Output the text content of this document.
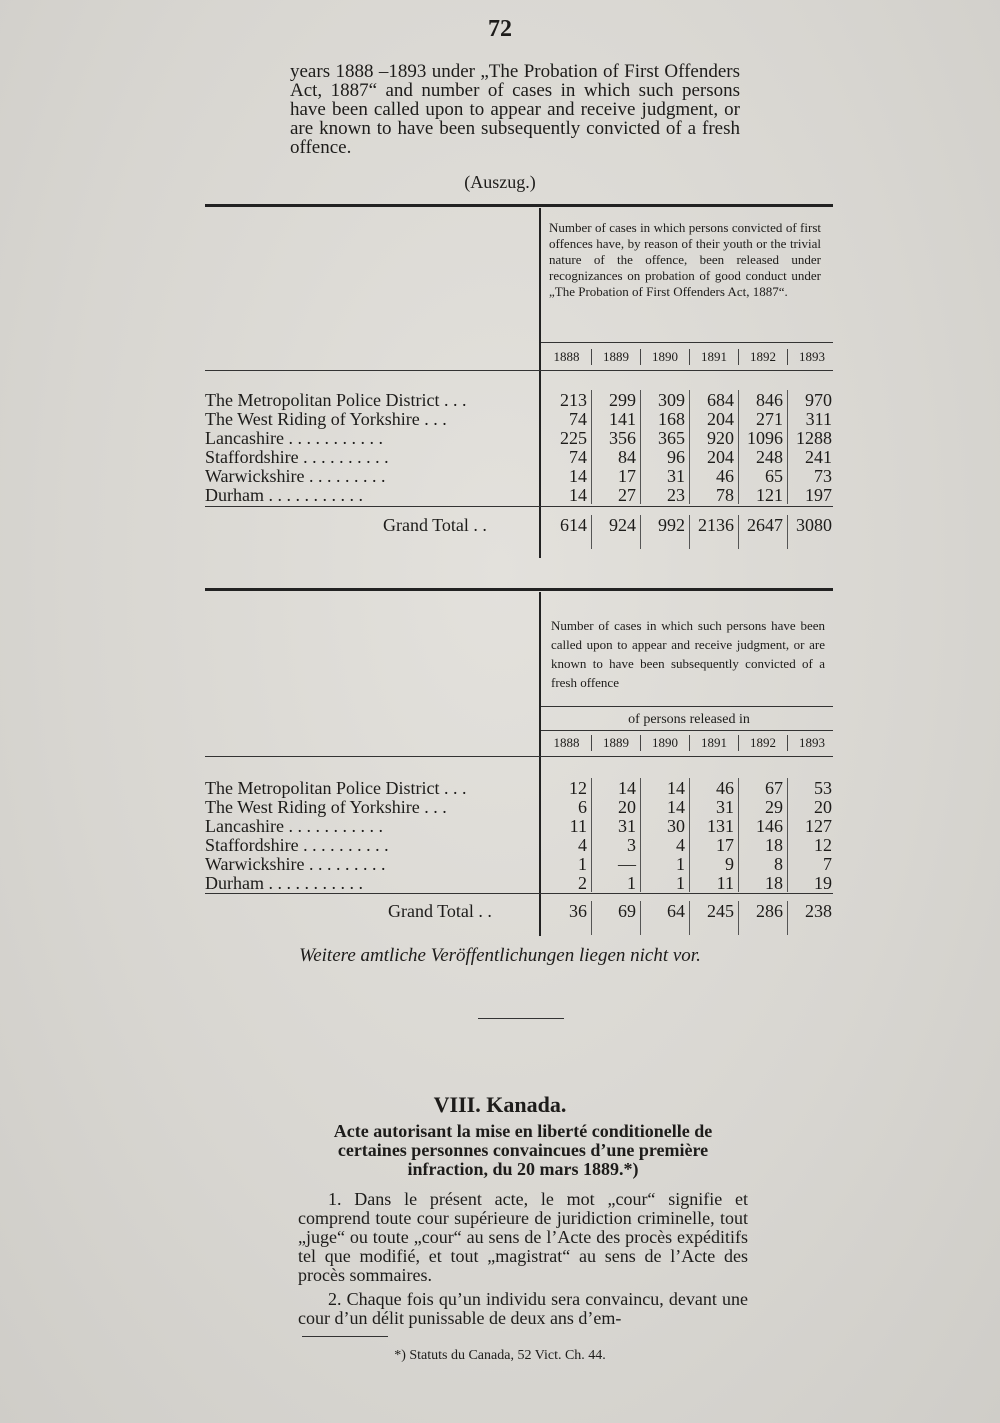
72
years 1888 –1893 under „The Probation of First Offenders Act, 1887“ and number of cases in which such persons have been called upon to appear and receive judgment, or are known to have been subsequently convicted of a fresh offence.
(Auszug.)
Number of cases in which persons convicted of first offences have, by reason of their youth or the trivial nature of the offence, been released under recognizances on probation of good conduct under „The Probation of First Offenders Act, 1887“.
1888	1889	1890	1891	1892	1893
The Metropolitan Police District . . .	213	299	309	684	846	970
The West Riding of Yorkshire . . .	74	141	168	204	271	311
Lancashire . . . . . . . . . . .	225	356	365	920 1096 1288
Staffordshire . . . . . . . . . .	74	84	96	204	248	241
Warwickshire . . . . . . . . .	14	17	31	46	65	73
Durham . . . . . . . . . . .	14	27	23	78	121	197
Grand Total . .	614	924	992 2136 2647 3080
Number of cases in which such persons have been called upon to appear and receive judgment, or are known to have been subsequently convicted of a fresh offence
of persons released in
1888	1889	1890	1891	1892	1893
The Metropolitan Police District . . .	12	14	14	46	67	53
The West Riding of Yorkshire . . .	6	20	14	31	29	20
Lancashire . . . . . . . . . . .	11	31	30	131	146	127
Staffordshire . . . . . . . . . .	4	3	4	17	18	12
Warwickshire . . . . . . . . .	1	—	1	9	8	7
Durham . . . . . . . . . . .	2	1	1	11	18	19
Grand Total . .	36	69	64	245	286	238
Weitere amtliche Veröffentlichungen liegen nicht vor.
VIII. Kanada.
Acte autorisant la mise en liberté conditionelle de certaines personnes convaincues d’une première infraction, du 20 mars 1889.*)
1. Dans le présent acte, le mot „cour“ signifie et comprend toute cour supérieure de juridiction criminelle, tout „juge“ ou toute „cour“ au sens de l’Acte des procès expéditifs tel que modifié, et tout „magistrat“ au sens de l’Acte des procès sommaires.
2. Chaque fois qu’un individu sera convaincu, devant une cour d’un délit punissable de deux ans d’em-
*) Statuts du Canada, 52 Vict. Ch. 44.
